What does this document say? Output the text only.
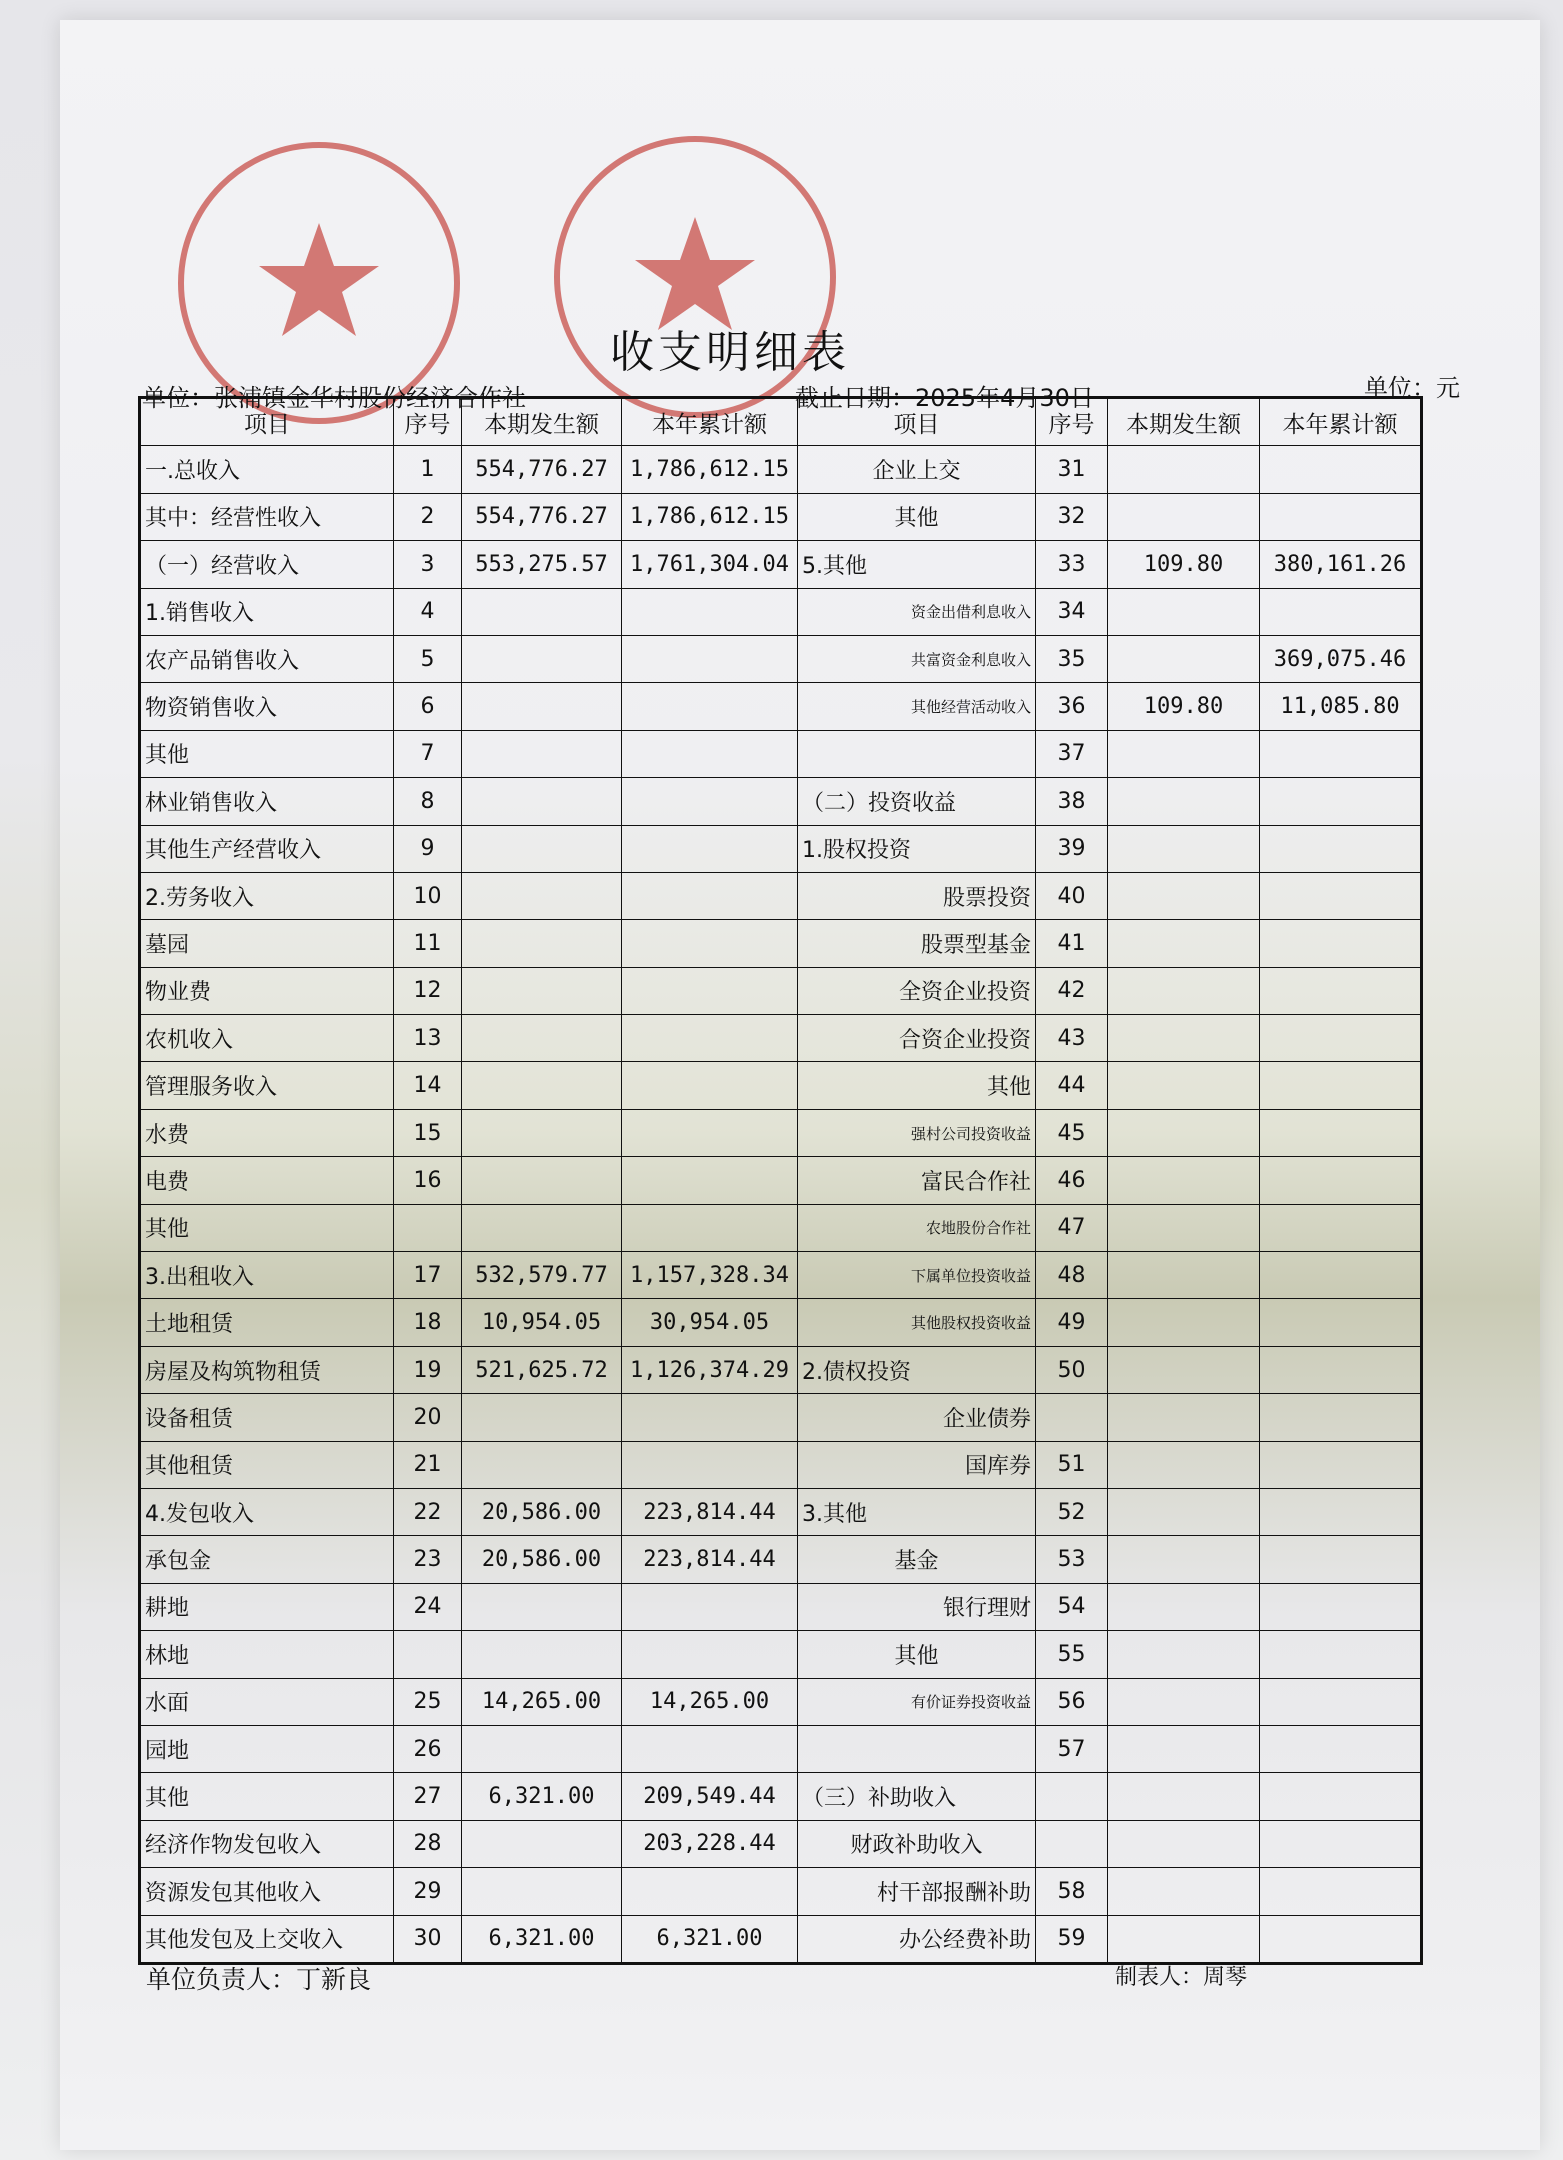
收支明细表
单位：张浦镇金华村股份经济合作社	截止日期：2025年4月30日	单位：元
项目	序号	本期发生额	本年累计额	项目	序号	本期发生额	本年累计额
一.总收入	1	554,776.27	1,786,612.15	企业上交	31		
其中：经营性收入	2	554,776.27	1,786,612.15	其他	32		
（一）经营收入	3	553,275.57	1,761,304.04	5.其他	33	109.80	380,161.26
1.销售收入	4			资金出借利息收入	34		
农产品销售收入	5			共富资金利息收入	35		369,075.46
物资销售收入	6			其他经营活动收入	36	109.80	11,085.80
其他	7				37		
林业销售收入	8			（二）投资收益	38		
其他生产经营收入	9			1.股权投资	39		
2.劳务收入	10			股票投资	40		
墓园	11			股票型基金	41		
物业费	12			全资企业投资	42		
农机收入	13			合资企业投资	43		
管理服务收入	14			其他	44		
水费	15			强村公司投资收益	45		
电费	16			富民合作社	46		
其他				农地股份合作社	47		
3.出租收入	17	532,579.77	1,157,328.34	下属单位投资收益	48		
土地租赁	18	10,954.05	30,954.05	其他股权投资收益	49		
房屋及构筑物租赁	19	521,625.72	1,126,374.29	2.债权投资	50		
设备租赁	20			企业债券			
其他租赁	21			国库券	51		
4.发包收入	22	20,586.00	223,814.44	3.其他	52		
承包金	23	20,586.00	223,814.44	基金	53		
耕地	24			银行理财	54		
林地				其他	55		
水面	25	14,265.00	14,265.00	有价证券投资收益	56		
园地	26				57		
其他	27	6,321.00	209,549.44	（三）补助收入			
经济作物发包收入	28		203,228.44	财政补助收入			
资源发包其他收入	29			村干部报酬补助	58		
其他发包及上交收入	30	6,321.00	6,321.00	办公经费补助	59		
单位负责人：丁新良	制表人：周琴
